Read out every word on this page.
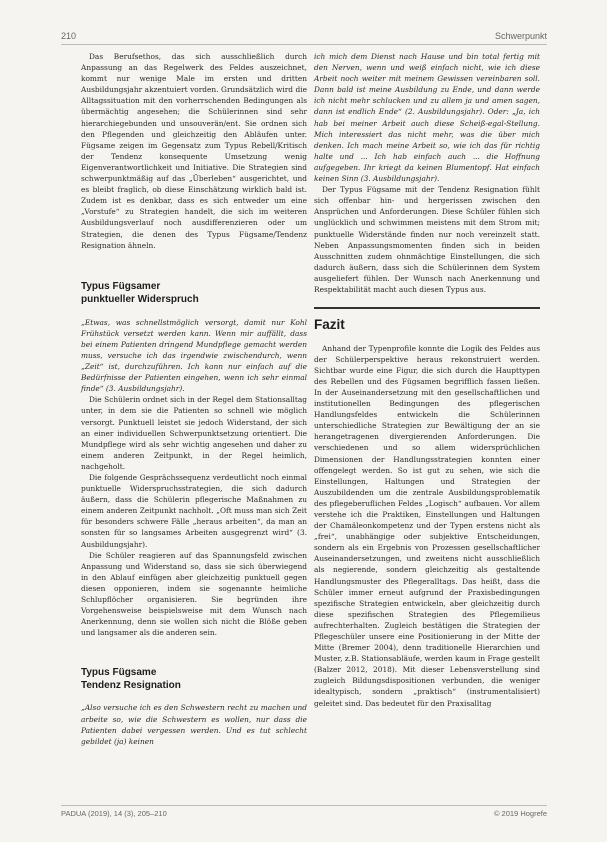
210	Schwerpunkt

Das Berufsethos, das sich ausschließlich durch Anpassung an das Regelwerk des Feldes auszeichnet, kommt nur wenige Male im ersten und dritten Ausbildungsjahr akzentuiert vorden. Grundsätzlich wird die Alltagssituation mit den vorherrschenden Bedingungen als übermächtig angesehen; die Schülerinnen sind sehr hierarchiegebunden und unsouverän/ent. Sie ordnen sich den Pflegenden und gleichzeitig den Abläufen unter. Fügsame zeigen im Gegensatz zum Typus Rebell/Kritisch der Tendenz konsequente Umsetzung wenig Eigenverantwortlichkeit und Initiative. Die Strategien sind schwerpunktmäßig auf das „Überleben“ ausgerichtet, und es bleibt fraglich, ob diese Einschätzung wirklich bald ist. Zudem ist es denkbar, dass es sich entweder um eine „Vorstufe“ zu Strategien handelt, die sich im weiteren Ausbildungsverlauf noch ausdifferenzieren oder um Strategien, die denen des Typus Fügsame/Tendenz Resignation ähneln.

Typus Fügsamer
punktueller Widerspruch

„Etwas, was schnellstmöglich versorgt, damit nur Kohl Frühstück versetzt werden kann. Wenn mir auffällt, dass bei einem Patienten dringend Mundpflege gemacht werden muss, versuche ich das irgendwie zwischendurch, wenn „Zeit“ ist, durchzuführen. Ich kann nur einfach auf die Bedürfnisse der Patienten eingehen, wenn ich sehr einmal finde“ (3. Ausbildungsjahr).

Die Schülerin ordnet sich in der Regel dem Stationsalltag unter, in dem sie die Patienten so schnell wie möglich versorgt. Punktuell leistet sie jedoch Widerstand, der sich an einer individuellen Schwerpunktsetzung orientiert. Die Mundpflege wird als sehr wichtig angesehen und daher zu einem anderen Zeitpunkt, in der Regel heimlich, nachgeholt.

Die folgende Gesprächssequenz verdeutlicht noch einmal punktuelle Widerspruchsstrategien, die sich dadurch äußern, dass die Schülerin pflegerische Maßnahmen zu einem anderen Zeitpunkt nachholt. „Oft muss man sich Zeit für besonders schwere Fälle „heraus arbeiten“, da man an sonsten für so langsames Arbeiten ausgegrenzt wird“ (3. Ausbildungsjahr).

Die Schüler reagieren auf das Spannungsfeld zwischen Anpassung und Widerstand so, dass sie sich überwiegend in den Ablauf einfügen aber gleichzeitig punktuell gegen diesen opponieren, indem sie sogenannte heimliche Schlupflöcher organisieren. Sie begründen ihre Vorgehensweise beispielsweise mit dem Wunsch nach Anerkennung, denn sie wollen sich nicht die Blöße geben und langsamer als die anderen sein.

Typus Fügsame
Tendenz Resignation

„Also versuche ich es den Schwestern recht zu machen und arbeite so, wie die Schwestern es wollen, nur dass die Patienten dabei vergessen werden. Und es tut schlecht gebildet (ja) keinen

ich mich dem Dienst nach Hause und bin total fertig mit den Nerven, wenn und weiß einfach nicht, wie ich diese Arbeit noch weiter mit meinem Gewissen vereinbaren soll. Dann bald ist meine Ausbildung zu Ende, und dann werde ich nicht mehr schlucken und zu allem ja und amen sagen, dann ist endlich Ende“ (2. Ausbildungsjahr). Oder: „Ja, ich hab bei meiner Arbeit auch diese Scheiß-egal-Stellung. Mich interessiert das nicht mehr, was die über mich denken. Ich mach meine Arbeit so, wie ich das für richtig halte und ... Ich hab einfach auch ... die Hoffnung aufgegeben. Ihr kriegt da keinen Blumentopf. Hat einfach keinen Sinn (3. Ausbildungsjahr).

Der Typus Fügsame mit der Tendenz Resignation fühlt sich offenbar hin- und hergerissen zwischen den Ansprüchen und Anforderungen. Diese Schüler fühlen sich unglücklich und schwimmen meistens mit dem Strom mit; punktuelle Widerstände finden nur noch vereinzelt statt. Neben Anpassungsmomenten finden sich in beiden Ausschnitten zudem ohnmächtige Einstellungen, die sich dadurch äußern, dass sich die Schülerinnen dem System ausgeliefert fühlen. Der Wunsch nach Anerkennung und Respektabilität macht auch diesen Typus aus.

Fazit

Anhand der Typenprofile konnte die Logik des Feldes aus der Schülerperspektive heraus rekonstruiert werden. Sichtbar wurde eine Figur, die sich durch die Haupttypen des Rebellen und des Fügsamen begrifflich fassen ließen. In der Auseinandersetzung mit den gesellschaftlichen und institutionellen Bedingungen des pflegerischen Handlungsfeldes entwickeln die Schülerinnen unterschiedliche Strategien zur Bewältigung der an sie herangetragenen divergierenden Anforderungen. Die verschiedenen und so allem widersprüchlichen Dimensionen der Handlungsstrategien konnten einer offengelegt werden. So ist gut zu sehen, wie sich die Einstellungen, Haltungen und Strategien der Auszubildenden um die zentrale Ausbildungsproblematik des pflegeberuflichen Feldes „Logisch“ aufbauen. Vor allem verstehe ich die Praktiken, Einstellungen und Haltungen der Chamäleonkompetenz und der Typen erstens nicht als „frei“, unabhängige oder subjektive Entscheidungen, sondern als ein Ergebnis von Prozessen gesellschaftlicher Auseinandersetzungen, und zweitens nicht ausschließlich als negierende, sondern gleichzeitig als gestaltende Handlungsmuster des Pflegeralltags. Das heißt, dass die Schüler immer erneut aufgrund der Praxisbedingungen spezifische Strategien entwickeln, aber gleichzeitig durch diese spezifischen Strategien des Pflegemilieus aufrechterhalten. Zugleich bestätigen die Strategien der Pflegeschüler unsere eine Positionierung in der Mitte der Mitte (Bremer 2004), denn traditionelle Hierarchien und Muster, z.B. Stationsabläufe, werden kaum in Frage gestellt (Balzer 2012, 2018). Mit dieser Lebensverstellung sind zugleich Bildungsdispositionen verbunden, die weniger idealtypisch, sondern „praktisch“ (instrumentalisiert) geleitet sind. Das bedeutet für den Praxisalltag

PADUA (2019), 14 (3), 205–210	© 2019 Hogrefe
